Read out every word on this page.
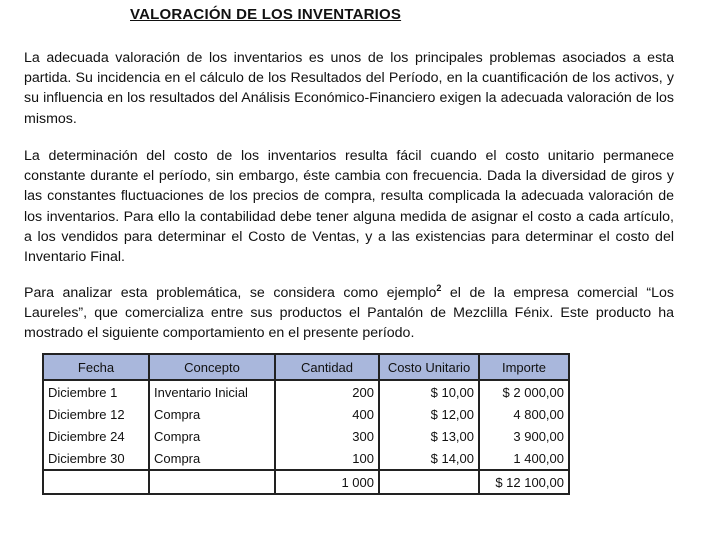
VALORACIÓN DE LOS INVENTARIOS

La adecuada valoración de los inventarios es unos de los principales problemas asociados a esta partida. Su incidencia en el cálculo de los Resultados del Período, en la cuantificación de los activos, y su influencia en los resultados del Análisis Económico-Financiero exigen la adecuada valoración de los mismos.

La determinación del costo de los inventarios resulta fácil cuando el costo unitario permanece constante durante el período, sin embargo, éste cambia con frecuencia. Dada la diversidad de giros y las constantes fluctuaciones de los precios de compra, resulta complicada la adecuada valoración de los inventarios. Para ello la contabilidad debe tener alguna medida de asignar el costo a cada artículo, a los vendidos para determinar el Costo de Ventas, y a las existencias para determinar el costo del Inventario Final.

Para analizar esta problemática, se considera como ejemplo$^2$ el de la empresa comercial “Los Laureles”, que comercializa entre sus productos el Pantalón de Mezclilla Fénix. Este producto ha mostrado el siguiente comportamiento en el presente período.

Fecha	Concepto	Cantidad	Costo Unitario	Importe
Diciembre 1	Inventario Inicial	200	$ 10,00	$ 2 000,00
Diciembre 12	Compra	400	$ 12,00	4 800,00
Diciembre 24	Compra	300	$ 13,00	3 900,00
Diciembre 30	Compra	100	$ 14,00	1 400,00
		1 000		$ 12 100,00
